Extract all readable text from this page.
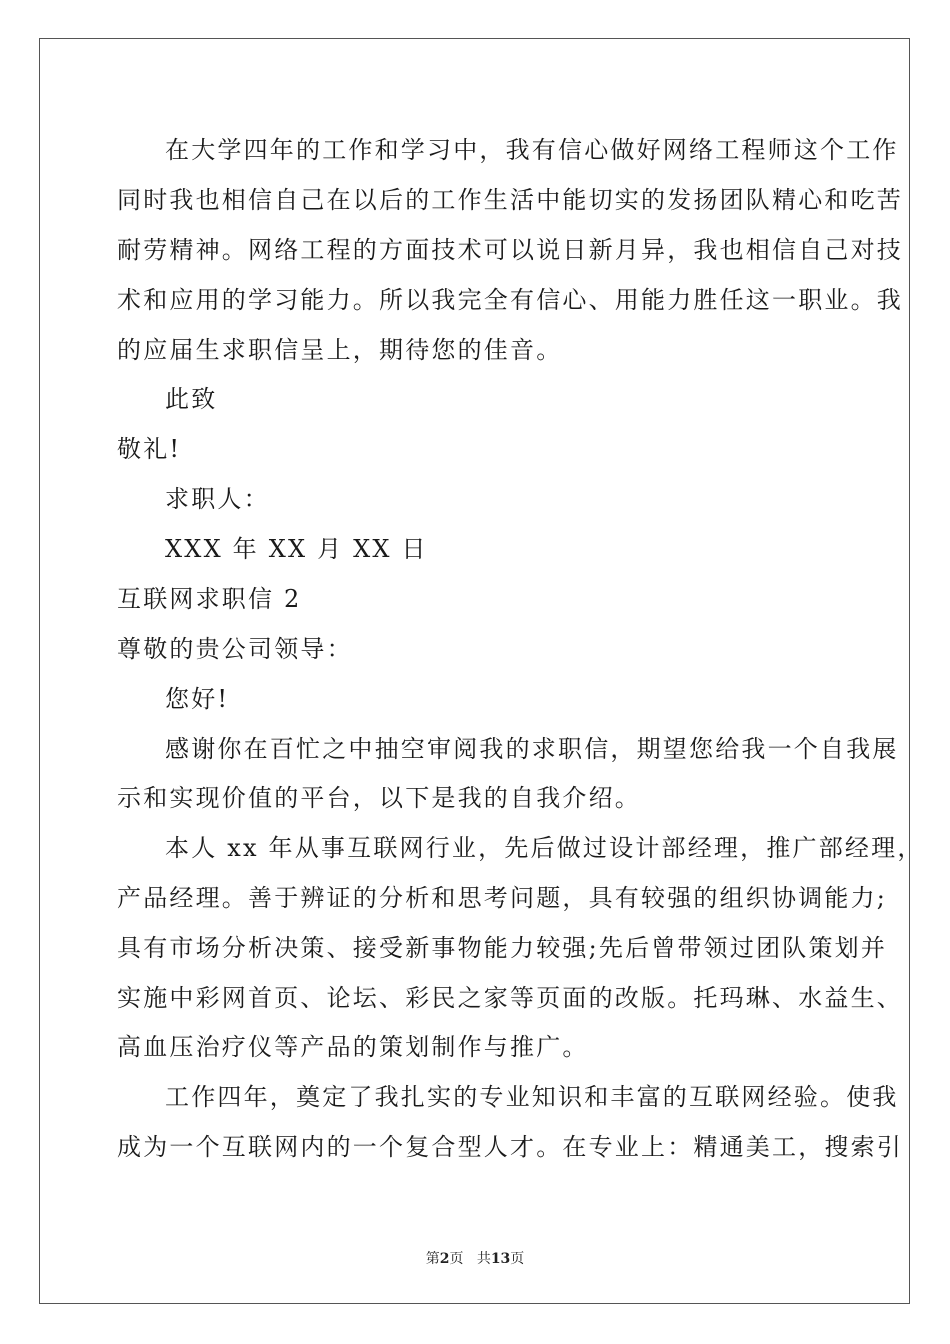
在大学四年的工作和学习中，我有信心做好网络工程师这个工作
同时我也相信自己在以后的工作生活中能切实的发扬团队精心和吃苦
耐劳精神。网络工程的方面技术可以说日新月异，我也相信自己对技
术和应用的学习能力。所以我完全有信心、用能力胜任这一职业。我
的应届生求职信呈上，期待您的佳音。
此致
敬礼!
求职人：
XXX 年 XX 月 XX 日
互联网求职信 2
尊敬的贵公司领导：
您好!
感谢你在百忙之中抽空审阅我的求职信，期望您给我一个自我展
示和实现价值的平台，以下是我的自我介绍。
本人 xx 年从事互联网行业，先后做过设计部经理，推广部经理，
产品经理。善于辨证的分析和思考问题，具有较强的组织协调能力;
具有市场分析决策、接受新事物能力较强;先后曾带领过团队策划并
实施中彩网首页、论坛、彩民之家等页面的改版。托玛琳、水益生、
高血压治疗仪等产品的策划制作与推广。
工作四年，奠定了我扎实的专业知识和丰富的互联网经验。使我
成为一个互联网内的一个复合型人才。在专业上：精通美工，搜索引
第2页 共13页
